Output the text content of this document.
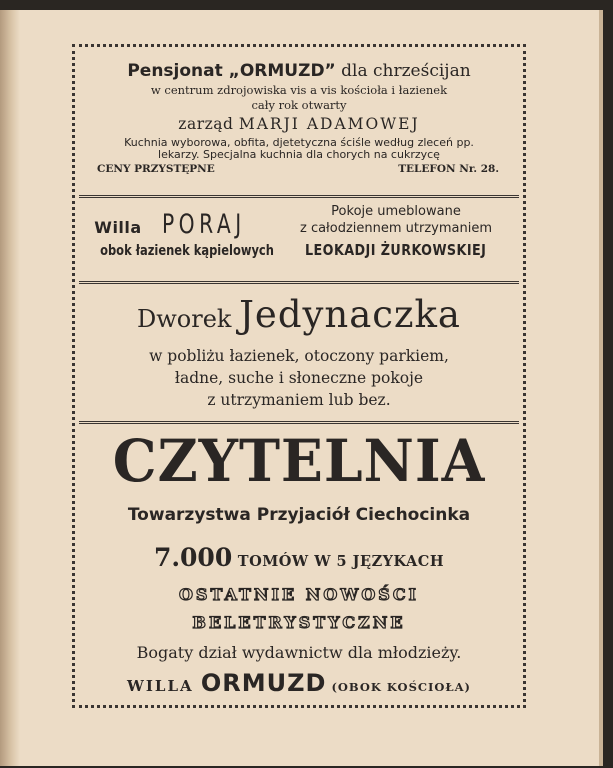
Pensjonat „ORMUZD” dla chrześcijan
w centrum zdrojowiska vis a vis kościoła i łazienek
cały rok otwarty
zarząd MARJI ADAMOWEJ
Kuchnia wyborowa, obfita, djetetyczna ściśle według zleceń pp.
lekarzy. Specjalna kuchnia dla chorych na cukrzycę
CENY PRZYSTĘPNE	TELEFON Nr. 28.
Willa PORAJ
obok łazienek kąpielowych
Pokoje umeblowane
z całodziennem utrzymaniem
LEOKADJI ŻURKOWSKIEJ
Dworek Jedynaczka
w pobliżu łazienek, otoczony parkiem,
ładne, suche i słoneczne pokoje
z utrzymaniem lub bez.
CZYTELNIA
Towarzystwa Przyjaciół Ciechocinka
7.000 TOMÓW W 5 JĘZYKACH
OSTATNIE NOWOŚCI
BELETRYSTYCZNE
Bogaty dział wydawnictw dla młodzieży.
WILLA ORMUZD (OBOK KOŚCIOŁA)
